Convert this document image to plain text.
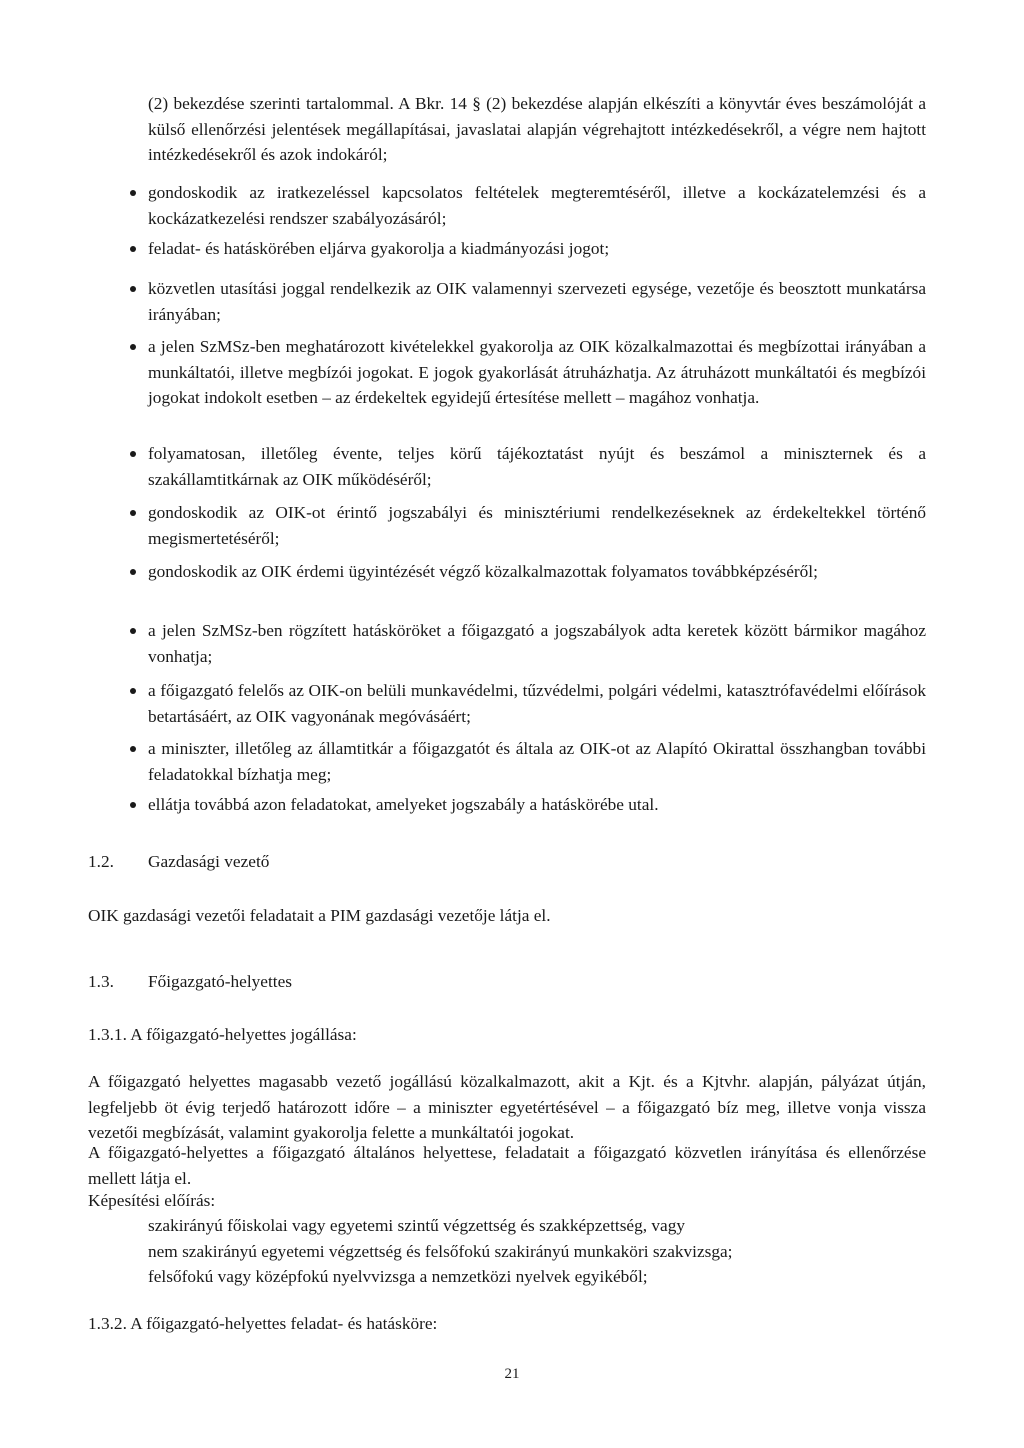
(2) bekezdése szerinti tartalommal. A Bkr. 14 § (2) bekezdése alapján elkészíti a könyvtár éves beszámolóját a külső ellenőrzési jelentések megállapításai, javaslatai alapján végrehajtott intézkedésekről, a végre nem hajtott intézkedésekről és azok indokáról;
gondoskodik az iratkezeléssel kapcsolatos feltételek megteremtéséről, illetve a kockázatelemzési és a kockázatkezelési rendszer szabályozásáról;
feladat- és hatáskörében eljárva gyakorolja a kiadmányozási jogot;
közvetlen utasítási joggal rendelkezik az OIK valamennyi szervezeti egysége, vezetője és beosztott munkatársa irányában;
a jelen SzMSz-ben meghatározott kivételekkel gyakorolja az OIK közalkalmazottai és megbízottai irányában a munkáltatói, illetve megbízói jogokat. E jogok gyakorlását átruházhatja. Az átruházott munkáltatói és megbízói jogokat indokolt esetben – az érdekeltek egyidejű értesítése mellett – magához vonhatja.
folyamatosan, illetőleg évente, teljes körű tájékoztatást nyújt és beszámol a miniszternek és a szakállamtitkárnak az OIK működéséről;
gondoskodik az OIK-ot érintő jogszabályi és minisztériumi rendelkezéseknek az érdekeltekkel történő megismertetéséről;
gondoskodik az OIK érdemi ügyintézését végző közalkalmazottak folyamatos továbbképzéséről;
a jelen SzMSz-ben rögzített hatásköröket a főigazgató a jogszabályok adta keretek között bármikor magához vonhatja;
a főigazgató felelős az OIK-on belüli munkavédelmi, tűzvédelmi, polgári védelmi, katasztrófavédelmi előírások betartásáért, az OIK vagyonának megóvásáért;
a miniszter, illetőleg az államtitkár a főigazgatót és általa az OIK-ot az Alapító Okirattal összhangban további feladatokkal bízhatja meg;
ellátja továbbá azon feladatokat, amelyeket jogszabály a hatáskörébe utal.
1.2. Gazdasági vezető
OIK gazdasági vezetői feladatait a PIM gazdasági vezetője látja el.
1.3. Főigazgató-helyettes
1.3.1. A főigazgató-helyettes jogállása:
A főigazgató helyettes magasabb vezető jogállású közalkalmazott, akit a Kjt. és a Kjtvhr. alapján, pályázat útján, legfeljebb öt évig terjedő határozott időre – a miniszter egyetértésével – a főigazgató bíz meg, illetve vonja vissza vezetői megbízását, valamint gyakorolja felette a munkáltatói jogokat.
A főigazgató-helyettes a főigazgató általános helyettese, feladatait a főigazgató közvetlen irányítása és ellenőrzése mellett látja el.
Képesítési előírás:
szakirányú főiskolai vagy egyetemi szintű végzettség és szakképzettség, vagy
nem szakirányú egyetemi végzettség és felsőfokú szakirányú munkaköri szakvizsga;
felsőfokú vagy középfokú nyelvvizsga a nemzetközi nyelvek egyikéből;
1.3.2. A főigazgató-helyettes feladat- és hatásköre:
21
